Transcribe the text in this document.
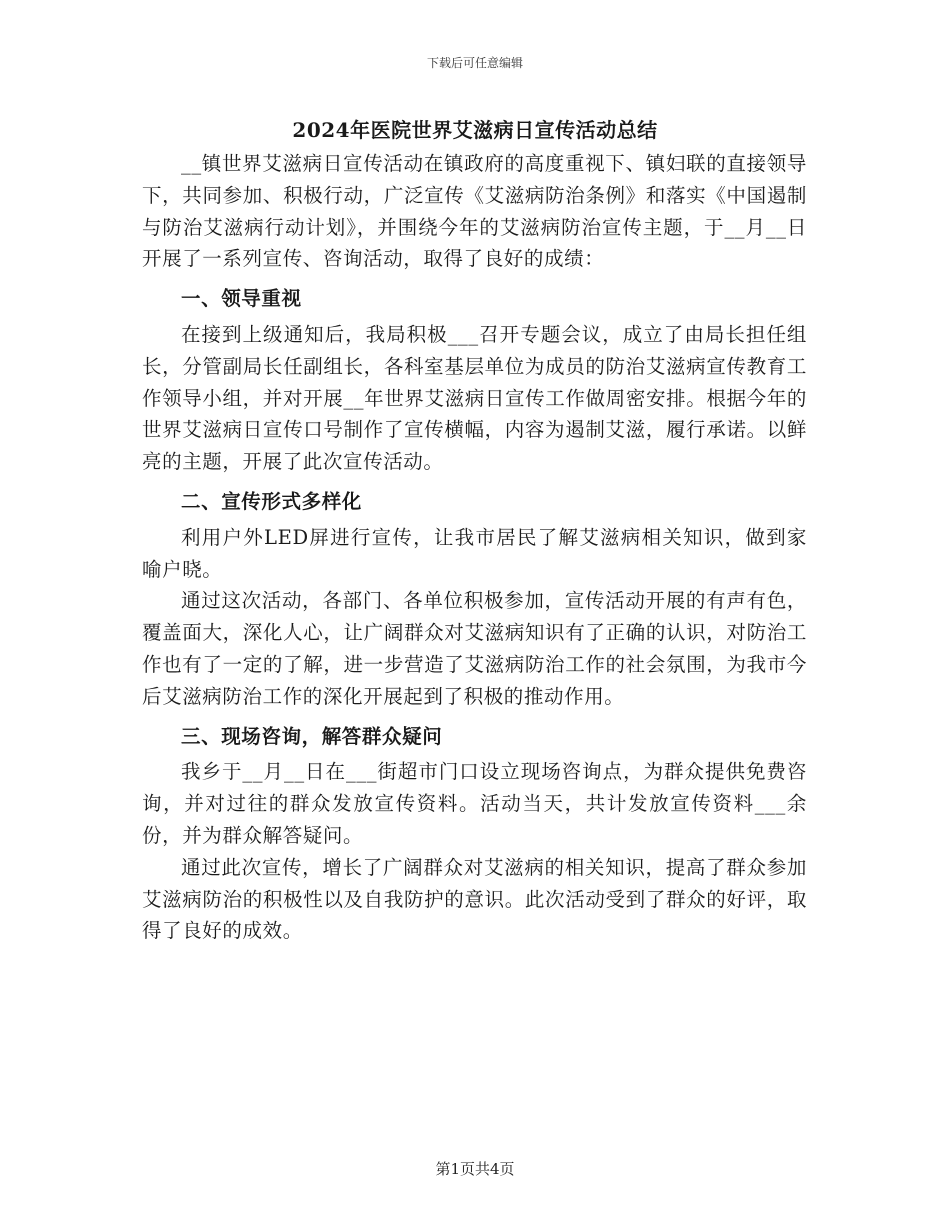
下载后可任意编辑
2024年医院世界艾滋病日宣传活动总结

__镇世界艾滋病日宣传活动在镇政府的高度重视下、镇妇联的直接领导下，共同参加、积极行动，广泛宣传《艾滋病防治条例》和落实《中国遏制与防治艾滋病行动计划》，并围绕今年的艾滋病防治宣传主题，于__月__日开展了一系列宣传、咨询活动，取得了良好的成绩：

一、领导重视

在接到上级通知后，我局积极___召开专题会议，成立了由局长担任组长，分管副局长任副组长，各科室基层单位为成员的防治艾滋病宣传教育工作领导小组，并对开展__年世界艾滋病日宣传工作做周密安排。根据今年的世界艾滋病日宣传口号制作了宣传横幅，内容为遏制艾滋，履行承诺。以鲜亮的主题，开展了此次宣传活动。

二、宣传形式多样化

利用户外LED屏进行宣传，让我市居民了解艾滋病相关知识，做到家喻户晓。

通过这次活动，各部门、各单位积极参加，宣传活动开展的有声有色，覆盖面大，深化人心，让广阔群众对艾滋病知识有了正确的认识，对防治工作也有了一定的了解，进一步营造了艾滋病防治工作的社会氛围，为我市今后艾滋病防治工作的深化开展起到了积极的推动作用。

三、现场咨询，解答群众疑问

我乡于__月__日在___街超市门口设立现场咨询点，为群众提供免费咨询，并对过往的群众发放宣传资料。活动当天，共计发放宣传资料___余份，并为群众解答疑问。

通过此次宣传，增长了广阔群众对艾滋病的相关知识，提高了群众参加艾滋病防治的积极性以及自我防护的意识。此次活动受到了群众的好评，取得了良好的成效。

第1页共4页
